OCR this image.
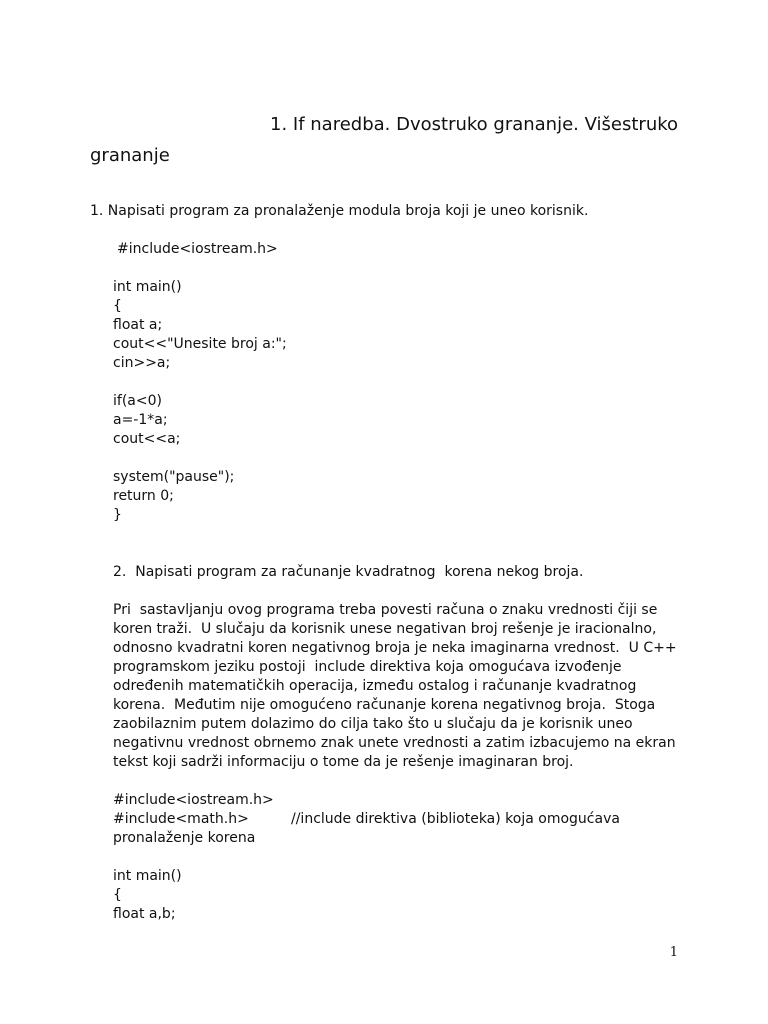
1. If naredba. Dvostruko grananje. Višestruko grananje
1. Napisati program za pronalaženje modula broja koji je uneo korisnik.
#include<iostream.h>
int main()
{
float a;
cout<<"Unesite broj a:";
cin>>a;
if(a<0)
a=-1*a;
cout<<a;
system("pause");
return 0;
}
2.  Napisati program za računanje kvadratnog  korena nekog broja.
Pri  sastavljanju ovog programa treba povesti računa o znaku vrednosti čiji se
koren traži.  U slučaju da korisnik unese negativan broj rešenje je iracionalno,
odnosno kvadratni koren negativnog broja je neka imaginarna vrednost.  U C++
programskom jeziku postoji  include direktiva koja omogućava izvođenje
određenih matematičkih operacija, između ostalog i računanje kvadratnog
korena.  Međutim nije omogućeno računanje korena negativnog broja.  Stoga
zaobilaznim putem dolazimo do cilja tako što u slučaju da je korisnik uneo
negativnu vrednost obrnemo znak unete vrednosti a zatim izbacujemo na ekran
tekst koji sadrži informaciju o tome da je rešenje imaginaran broj.
#include<iostream.h>
#include<math.h>	//include direktiva (biblioteka) koja omogućava
pronalaženje korena
int main()
{
float a,b;
1
